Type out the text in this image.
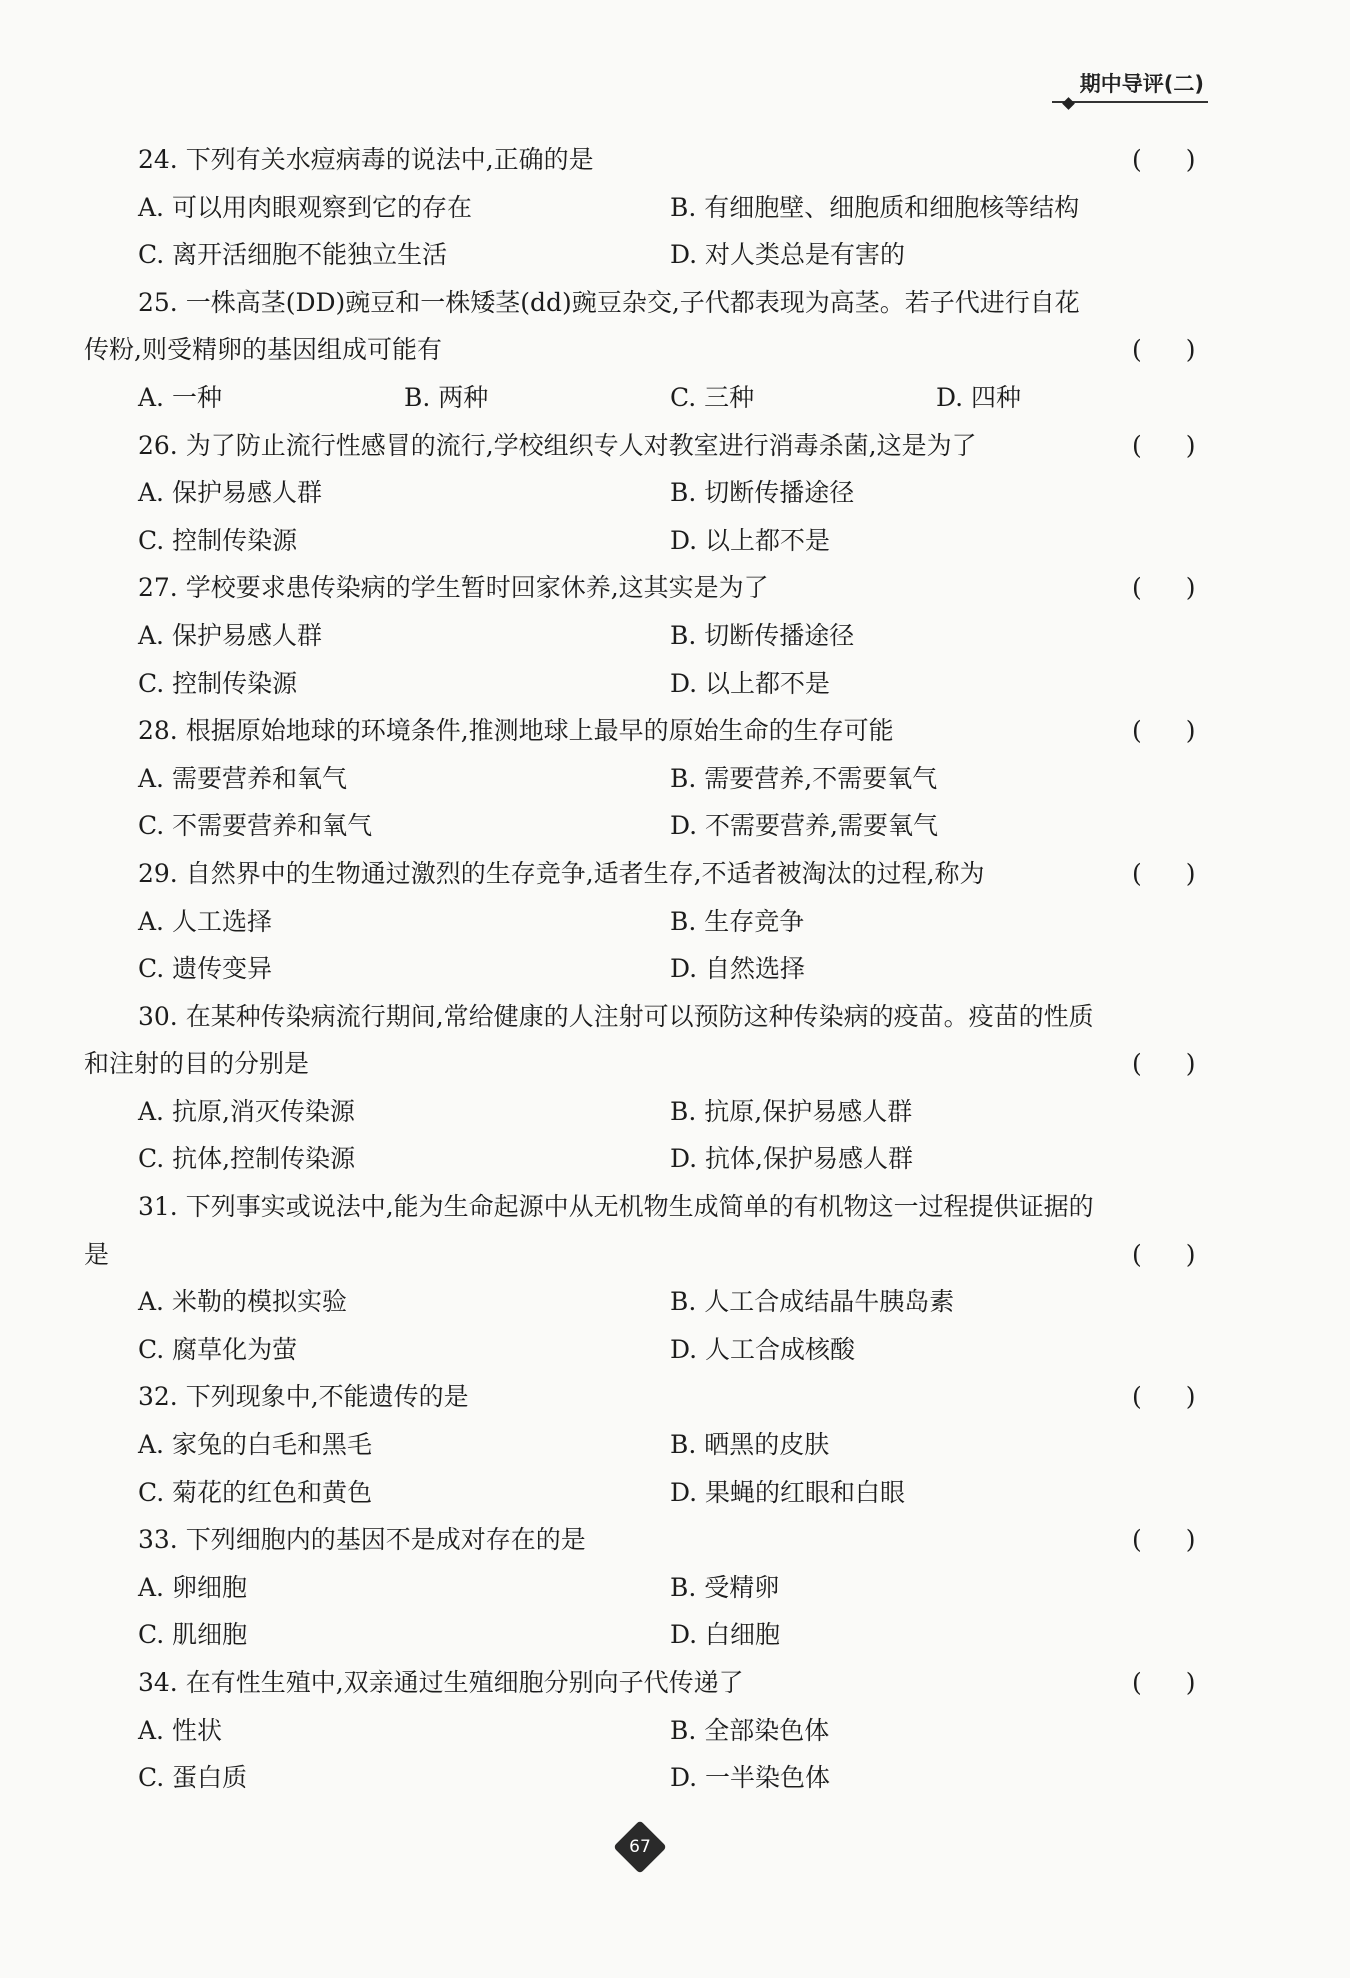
期中导评(二)
24. 下列有关水痘病毒的说法中,正确的是	( )
A. 可以用肉眼观察到它的存在	B. 有细胞壁、细胞质和细胞核等结构
C. 离开活细胞不能独立生活	D. 对人类总是有害的
25. 一株高茎(DD)豌豆和一株矮茎(dd)豌豆杂交,子代都表现为高茎。若子代进行自花
传粉,则受精卵的基因组成可能有	( )
A. 一种	B. 两种	C. 三种	D. 四种
26. 为了防止流行性感冒的流行,学校组织专人对教室进行消毒杀菌,这是为了	( )
A. 保护易感人群	B. 切断传播途径
C. 控制传染源	D. 以上都不是
27. 学校要求患传染病的学生暂时回家休养,这其实是为了	( )
A. 保护易感人群	B. 切断传播途径
C. 控制传染源	D. 以上都不是
28. 根据原始地球的环境条件,推测地球上最早的原始生命的生存可能	( )
A. 需要营养和氧气	B. 需要营养,不需要氧气
C. 不需要营养和氧气	D. 不需要营养,需要氧气
29. 自然界中的生物通过激烈的生存竞争,适者生存,不适者被淘汰的过程,称为	( )
A. 人工选择	B. 生存竞争
C. 遗传变异	D. 自然选择
30. 在某种传染病流行期间,常给健康的人注射可以预防这种传染病的疫苗。疫苗的性质
和注射的目的分别是	( )
A. 抗原,消灭传染源	B. 抗原,保护易感人群
C. 抗体,控制传染源	D. 抗体,保护易感人群
31. 下列事实或说法中,能为生命起源中从无机物生成简单的有机物这一过程提供证据的
是	( )
A. 米勒的模拟实验	B. 人工合成结晶牛胰岛素
C. 腐草化为萤	D. 人工合成核酸
32. 下列现象中,不能遗传的是	( )
A. 家兔的白毛和黑毛	B. 晒黑的皮肤
C. 菊花的红色和黄色	D. 果蝇的红眼和白眼
33. 下列细胞内的基因不是成对存在的是	( )
A. 卵细胞	B. 受精卵
C. 肌细胞	D. 白细胞
34. 在有性生殖中,双亲通过生殖细胞分别向子代传递了	( )
A. 性状	B. 全部染色体
C. 蛋白质	D. 一半染色体
67
